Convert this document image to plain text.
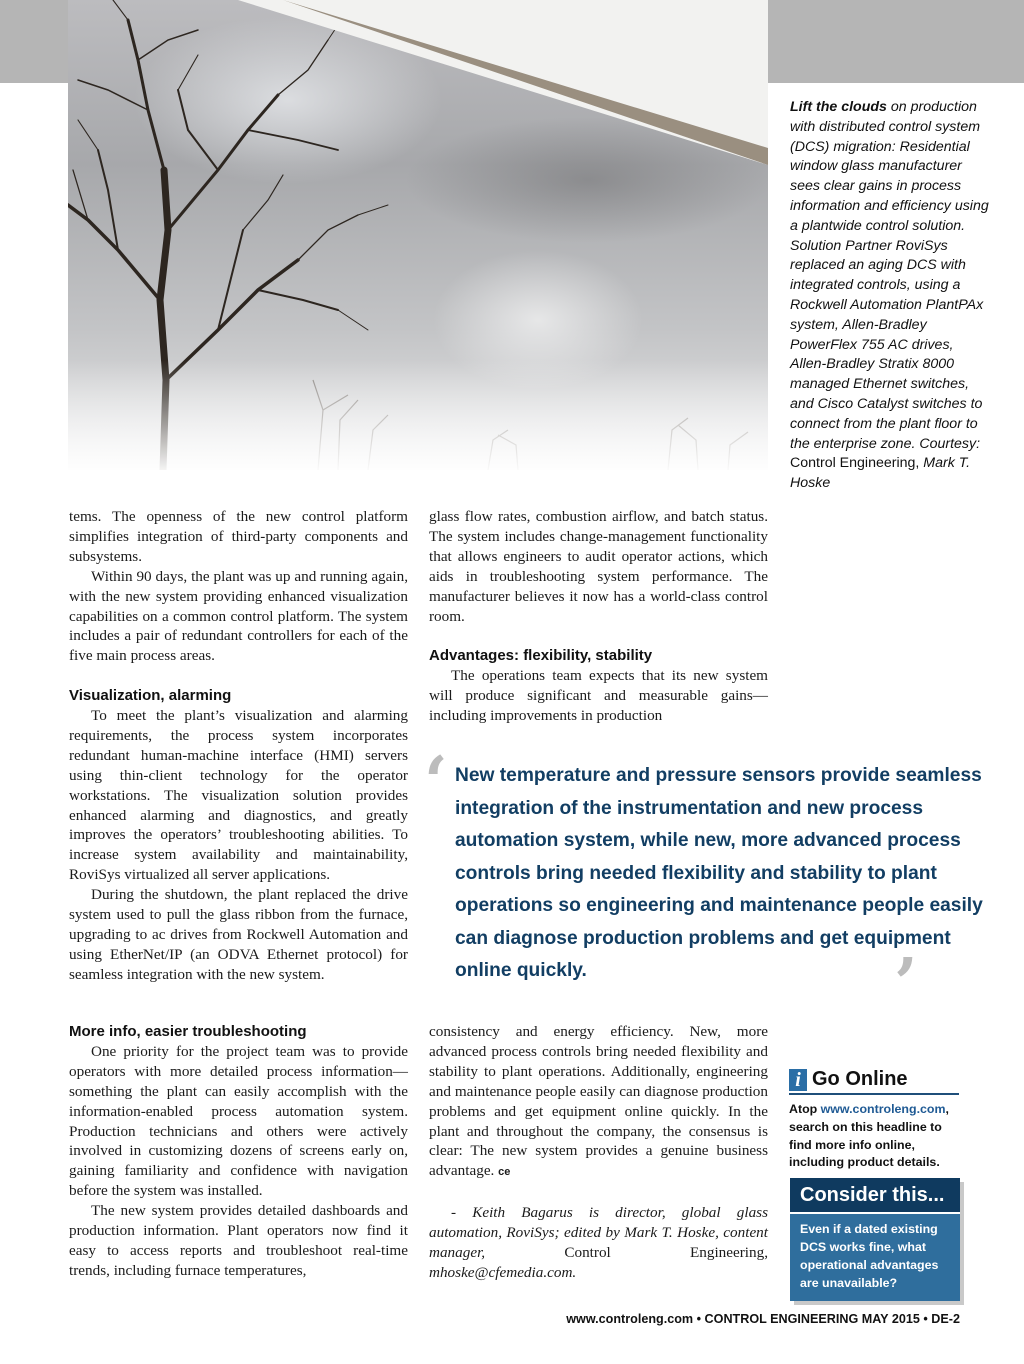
Lift the clouds on production with distributed control system (DCS) migration: Residential window glass manufacturer sees clear gains in process information and efficiency using a plantwide control solution. Solution Partner RoviSys replaced an aging DCS with integrated controls, using a Rockwell Automation PlantPAx system, Allen-Bradley PowerFlex 755 AC drives, Allen-Bradley Stratix 8000 managed Ethernet switches, and Cisco Catalyst switches to connect from the plant floor to the enterprise zone. Courtesy: Control Engineering, Mark T. Hoske

tems. The openness of the new control platform simplifies integration of third-party components and subsystems.

Within 90 days, the plant was up and running again, with the new system providing enhanced visualization capabilities on a common control platform. The system includes a pair of redundant controllers for each of the five main process areas.

Visualization, alarming

To meet the plant’s visualization and alarming requirements, the process system incorporates redundant human-machine interface (HMI) servers using thin-client technology for the operator workstations. The visualization solution provides enhanced alarming and diagnostics, and greatly improves the operators’ troubleshooting abilities. To increase system availability and maintainability, RoviSys virtualized all server applications.

During the shutdown, the plant replaced the drive system used to pull the glass ribbon from the furnace, upgrading to ac drives from Rockwell Automation and using EtherNet/IP (an ODVA Ethernet protocol) for seamless integration with the new system.

glass flow rates, combustion airflow, and batch status. The system includes change-management functionality that allows engineers to audit operator actions, which aids in troubleshooting system performance. The manufacturer believes it now has a world-class control room.

Advantages: flexibility, stability

The operations team expects that its new system will produce significant and measurable gains—including improvements in production

‘ New temperature and pressure sensors provide seamless integration of the instrumentation and new process automation system, while new, more advanced process controls bring needed flexibility and stability to plant operations so engineering and maintenance people easily can diagnose production problems and get equipment online quickly.	’
More info, easier troubleshooting

One priority for the project team was to provide operators with more detailed process information—something the plant can easily accomplish with the information-enabled process automation system. Production technicians and others were actively involved in customizing dozens of screens early on, gaining familiarity and confidence with navigation before the system was installed.

The new system provides detailed dashboards and production information. Plant operators now find it easy to access reports and troubleshoot real-time trends, including furnace temperatures,

consistency and energy efficiency. New, more advanced process controls bring needed flexibility and stability to plant operations. Additionally, engineering and maintenance people easily can diagnose production problems and get equipment online quickly. In the plant and throughout the company, the consensus is clear: The new system provides a genuine business advantage. ce

- Keith Bagarus is director, global glass automation, RoviSys; edited by Mark T. Hoske, content manager, Control Engineering, mhoske@cfemedia.com.

i Go Online
Atop www.controleng.com, search on this headline to find more info online, including product details.
Consider this...
Even if a dated existing DCS works fine, what operational advantages are unavailable?
www.controleng.com • CONTROL ENGINEERING MAY 2015 • DE-2
